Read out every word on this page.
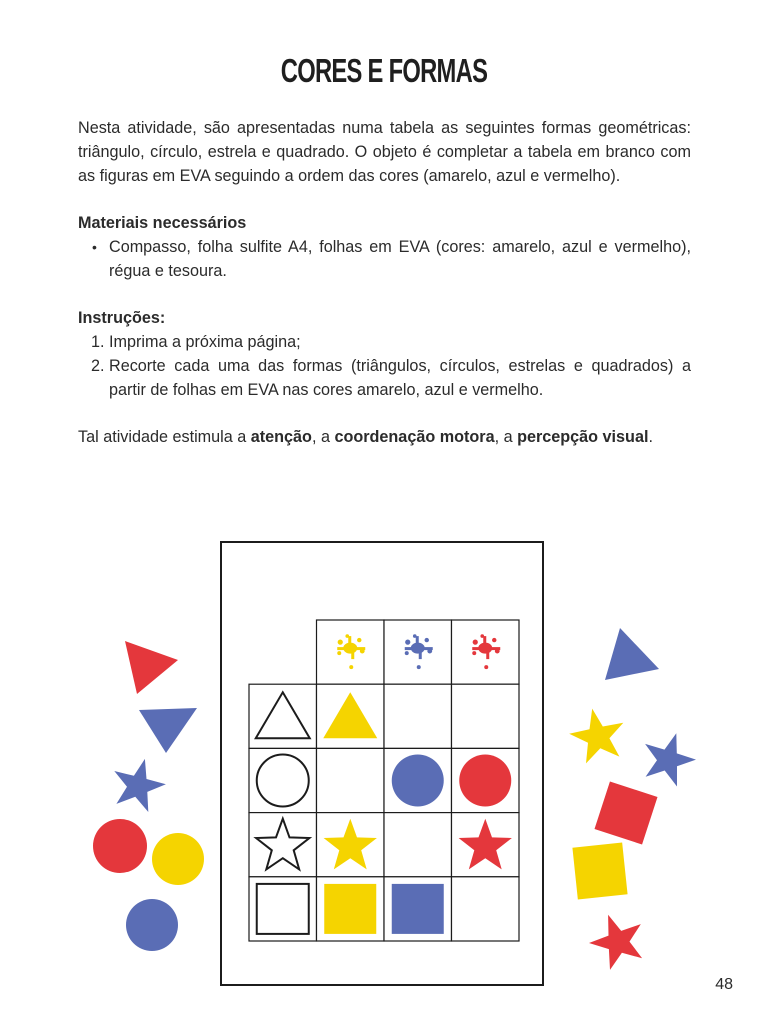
CORES E FORMAS

Nesta atividade, são apresentadas numa tabela as seguintes formas geométricas: triângulo, círculo, estrela e quadrado. O objeto é completar a tabela em branco com as figuras em EVA seguindo a ordem das cores (amarelo, azul e vermelho).

Materiais necessários

• Compasso, folha sulfite A4, folhas em EVA (cores: amarelo, azul e vermelho), régua e tesoura.

Instruções:

1. Imprima a próxima página;
2. Recorte cada uma das formas (triângulos, círculos, estrelas e quadrados) a partir de folhas em EVA nas cores amarelo, azul e vermelho.

Tal atividade estimula a atenção, a coordenação motora, a percepção visual.

48
